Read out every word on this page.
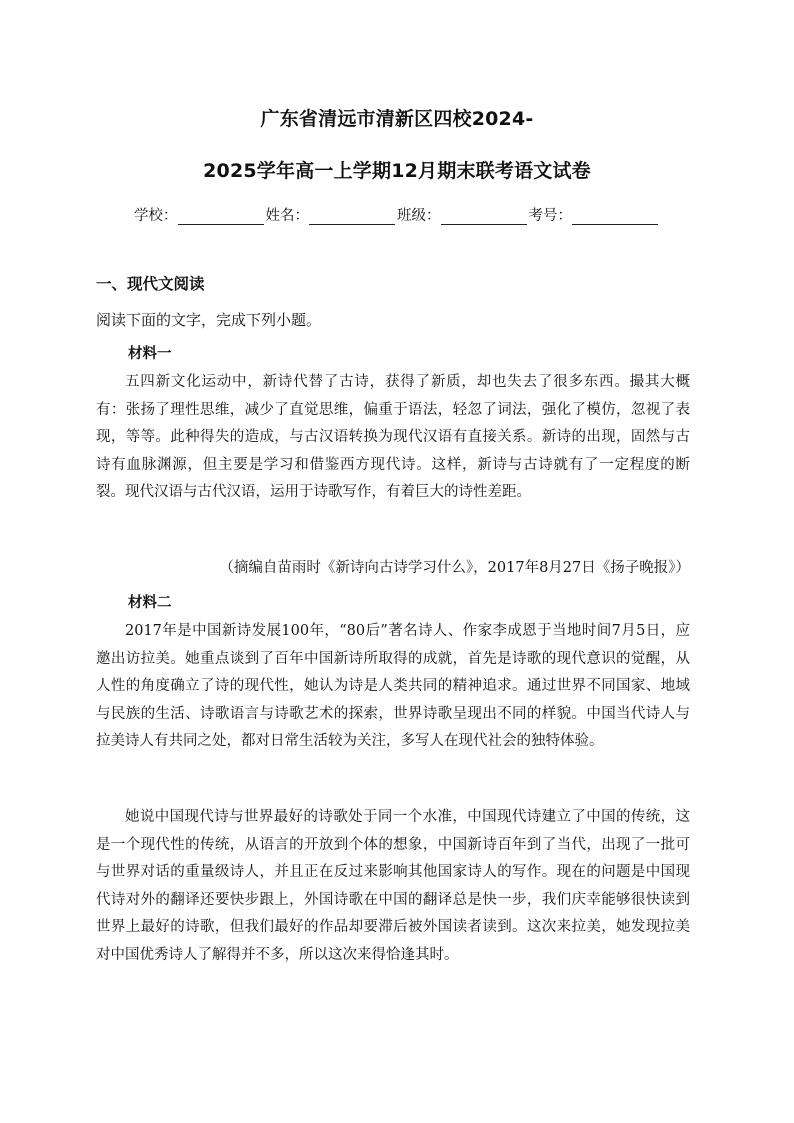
广东省清远市清新区四校2024-
2025学年高一上学期12月期末联考语文试卷
学校：	姓名：	班级：	考号：
一、现代文阅读
阅读下面的文字，完成下列小题。
材料一

五四新文化运动中，新诗代替了古诗，获得了新质，却也失去了很多东西。撮其大概有：张扬了理性思维，减少了直觉思维，偏重于语法，轻忽了词法，强化了模仿，忽视了表现，等等。此种得失的造成，与古汉语转换为现代汉语有直接关系。新诗的出现，固然与古诗有血脉渊源，但主要是学习和借鉴西方现代诗。这样，新诗与古诗就有了一定程度的断裂。现代汉语与古代汉语，运用于诗歌写作，有着巨大的诗性差距。

（摘编自苗雨时《新诗向古诗学习什么》，2017年8月27日《扬子晚报》）
材料二

2017年是中国新诗发展100年，“80后”著名诗人、作家李成恩于当地时间7月5日，应邀出访拉美。她重点谈到了百年中国新诗所取得的成就，首先是诗歌的现代意识的觉醒，从人性的角度确立了诗的现代性，她认为诗是人类共同的精神追求。通过世界不同国家、地域与民族的生活、诗歌语言与诗歌艺术的探索，世界诗歌呈现出不同的样貌。中国当代诗人与拉美诗人有共同之处，都对日常生活较为关注，多写人在现代社会的独特体验。

她说中国现代诗与世界最好的诗歌处于同一个水准，中国现代诗建立了中国的传统，这是一个现代性的传统，从语言的开放到个体的想象，中国新诗百年到了当代，出现了一批可与世界对话的重量级诗人，并且正在反过来影响其他国家诗人的写作。现在的问题是中国现代诗对外的翻译还要快步跟上，外国诗歌在中国的翻译总是快一步，我们庆幸能够很快读到世界上最好的诗歌，但我们最好的作品却要滞后被外国读者读到。这次来拉美，她发现拉美对中国优秀诗人了解得并不多，所以这次来得恰逢其时。
